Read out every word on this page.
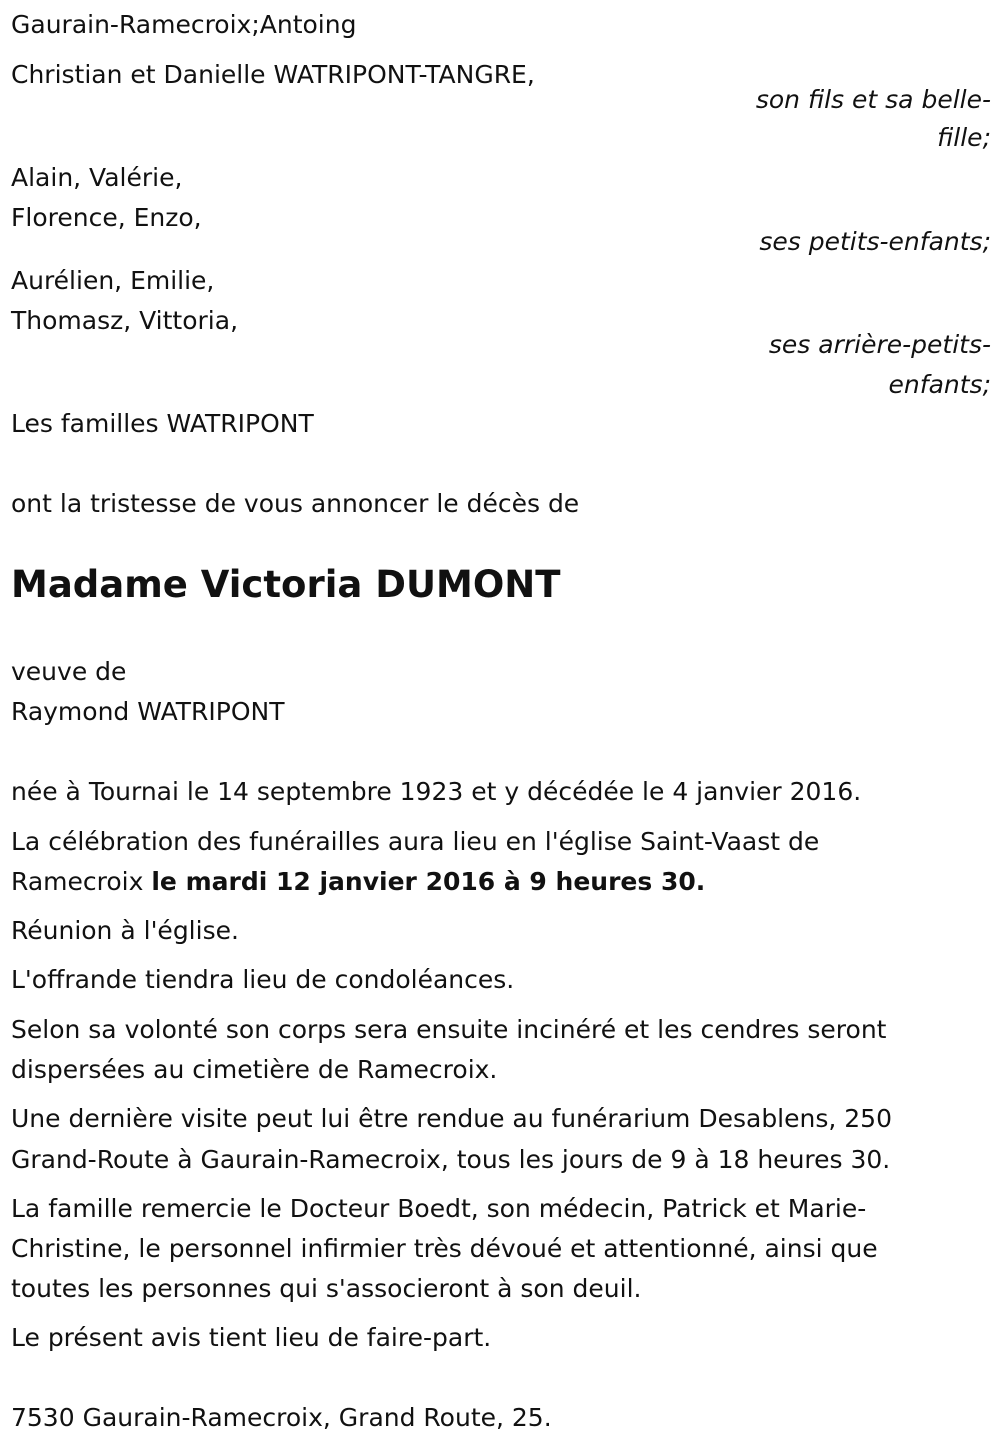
Gaurain-Ramecroix;Antoing

Christian et Danielle WATRIPONT-TANGRE,

son fils et sa belle-

fille;

Alain, Valérie,

Florence, Enzo,

ses petits-enfants;

Aurélien, Emilie,

Thomasz, Vittoria,

ses arrière-petits-

enfants;

Les familles WATRIPONT

ont la tristesse de vous annoncer le décès de

Madame Victoria DUMONT

veuve de

Raymond WATRIPONT

née à Tournai le 14 septembre 1923 et y décédée le 4 janvier 2016.

La célébration des funérailles aura lieu en l'église Saint-Vaast de

Ramecroix le mardi 12 janvier 2016 à 9 heures 30.

Réunion à l'église.

L'offrande tiendra lieu de condoléances.

Selon sa volonté son corps sera ensuite incinéré et les cendres seront

dispersées au cimetière de Ramecroix.

Une dernière visite peut lui être rendue au funérarium Desablens, 250

Grand-Route à Gaurain-Ramecroix, tous les jours de 9 à 18 heures 30.

La famille remercie le Docteur Boedt, son médecin, Patrick et Marie-

Christine, le personnel infirmier très dévoué et attentionné, ainsi que

toutes les personnes qui s'associeront à son deuil.

Le présent avis tient lieu de faire-part.

7530 Gaurain-Ramecroix, Grand Route, 25.
